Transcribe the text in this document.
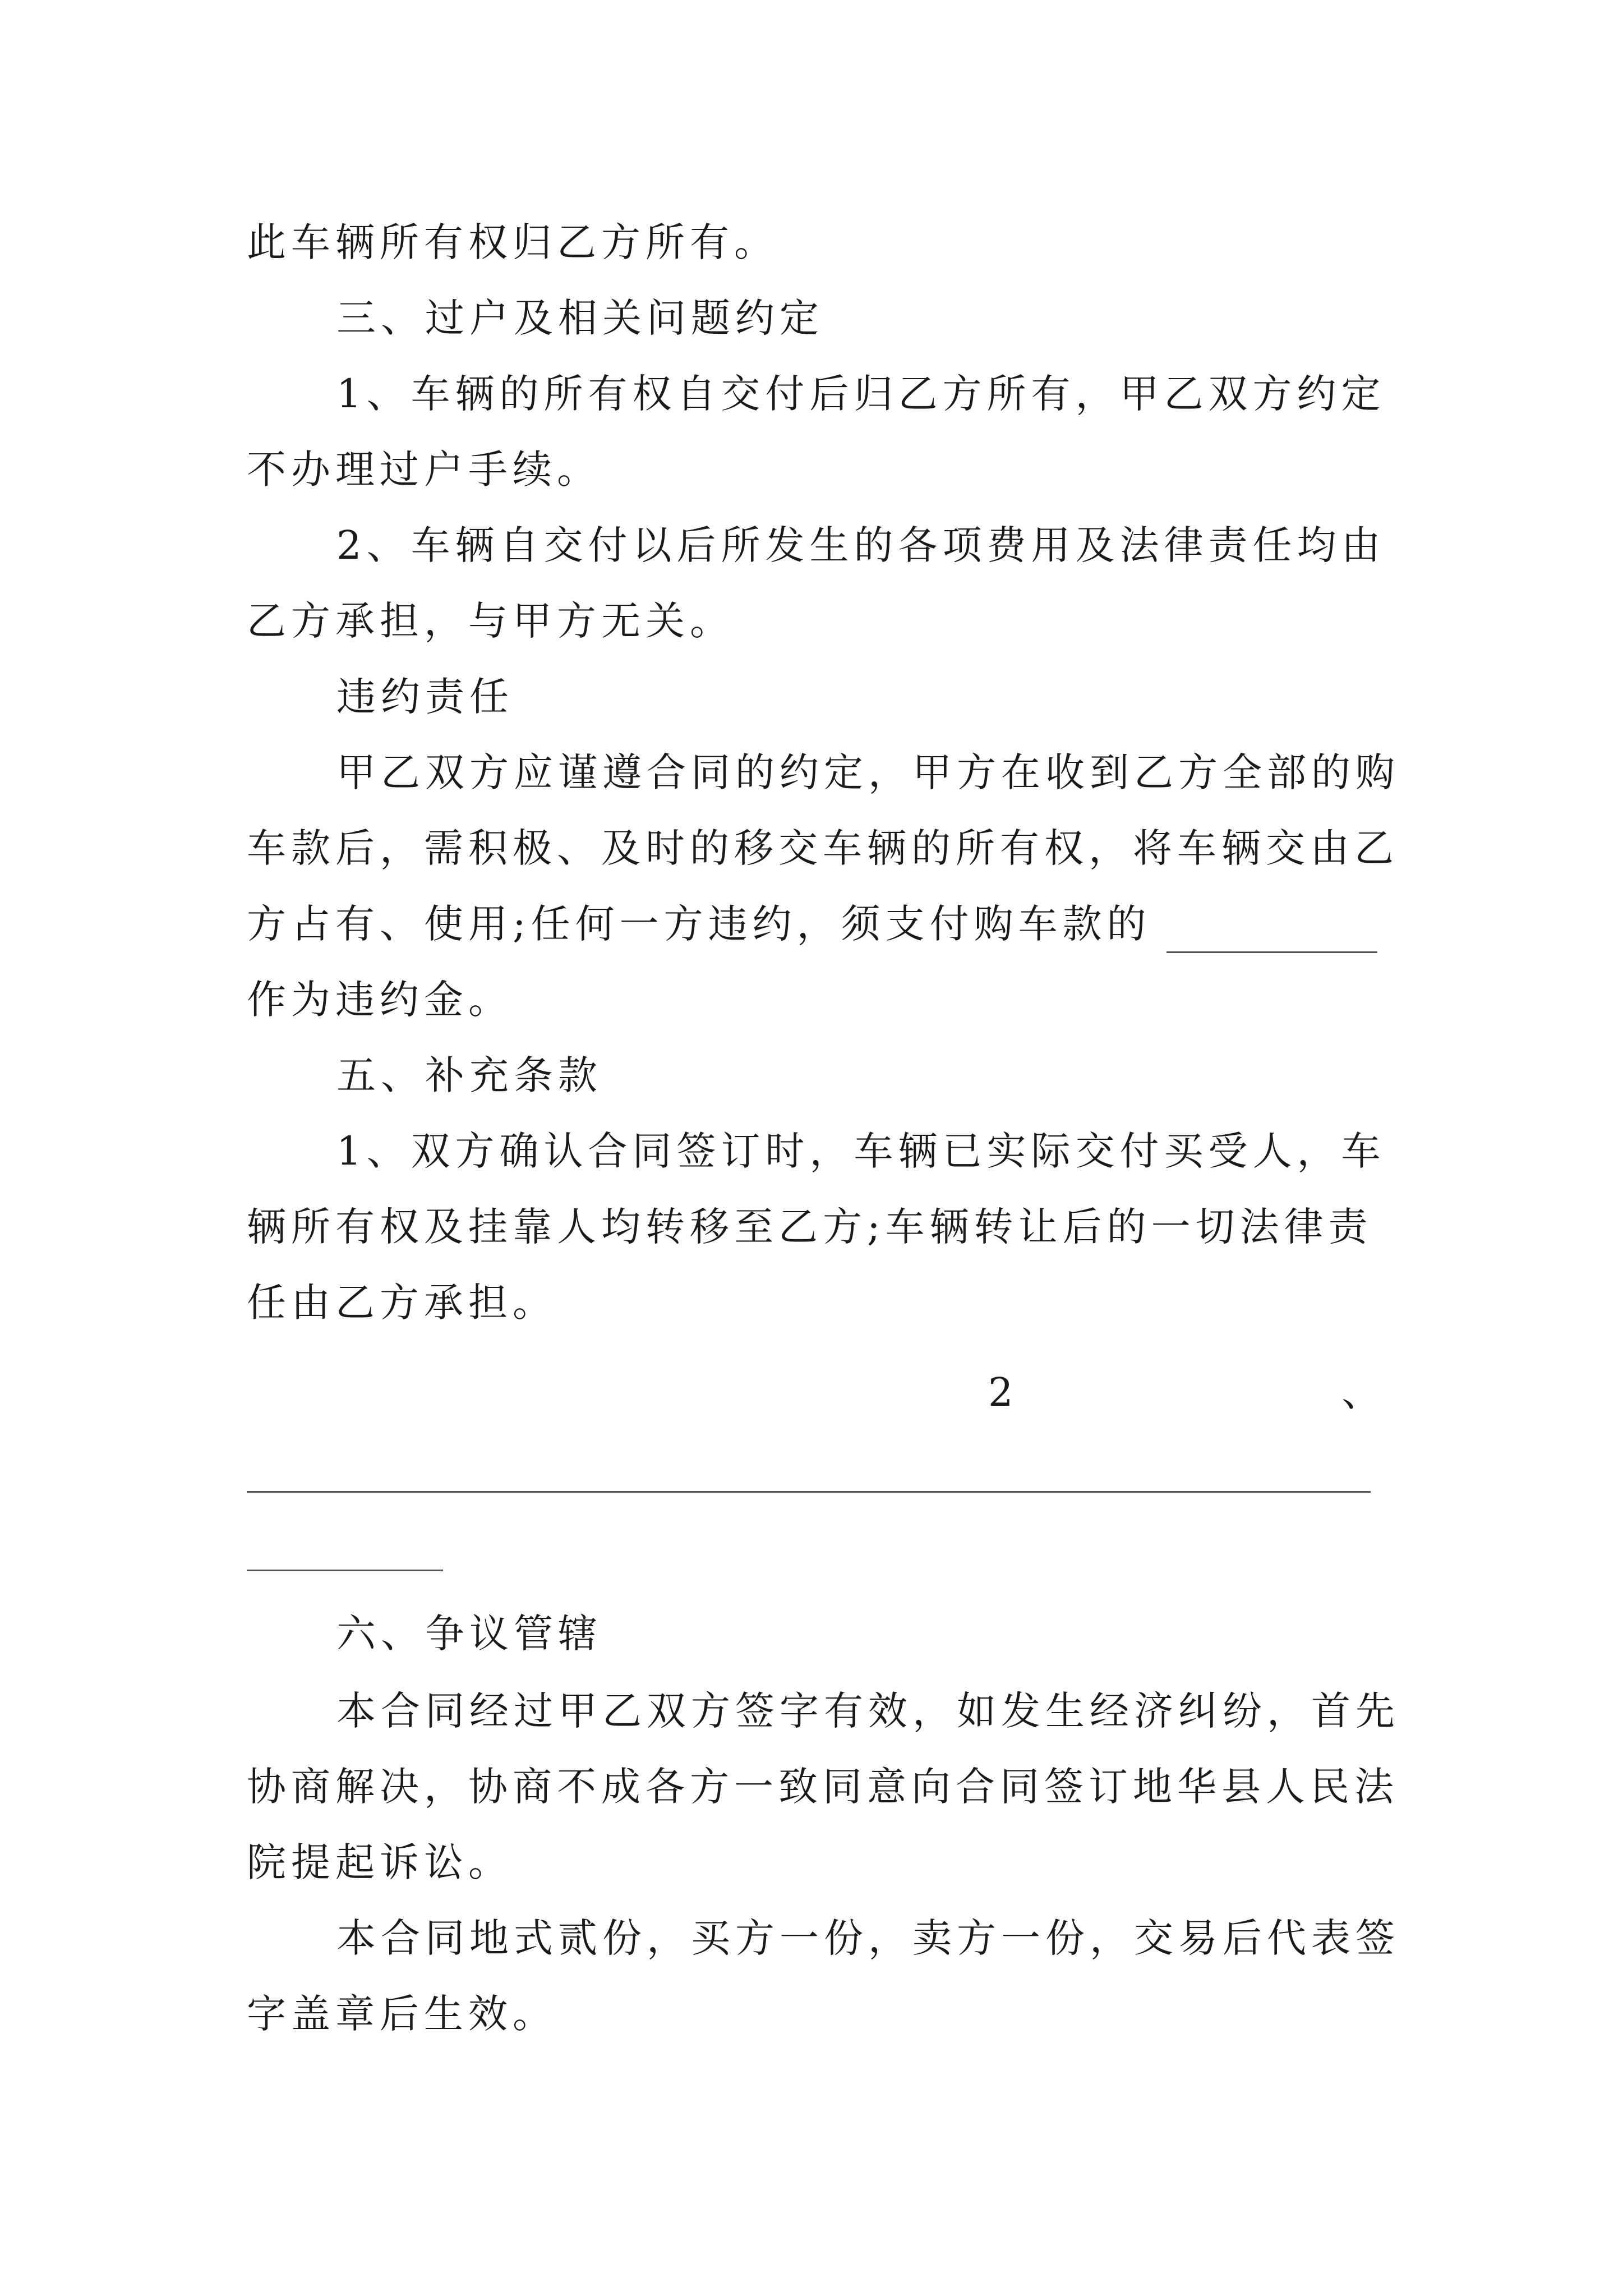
此车辆所有权归乙方所有。
三、过户及相关问题约定
1、车辆的所有权自交付后归乙方所有，甲乙双方约定
不办理过户手续。
2、车辆自交付以后所发生的各项费用及法律责任均由
乙方承担，与甲方无关。
违约责任
甲乙双方应谨遵合同的约定，甲方在收到乙方全部的购
车款后，需积极、及时的移交车辆的所有权，将车辆交由乙
方占有、使用;任何一方违约，须支付购车款的
作为违约金。
五、补充条款
1、双方确认合同签订时，车辆已实际交付买受人，车
辆所有权及挂靠人均转移至乙方;车辆转让后的一切法律责
任由乙方承担。
2	、
六、争议管辖
本合同经过甲乙双方签字有效，如发生经济纠纷，首先
协商解决，协商不成各方一致同意向合同签订地华县人民法
院提起诉讼。
本合同地式贰份，买方一份，卖方一份，交易后代表签
字盖章后生效。
